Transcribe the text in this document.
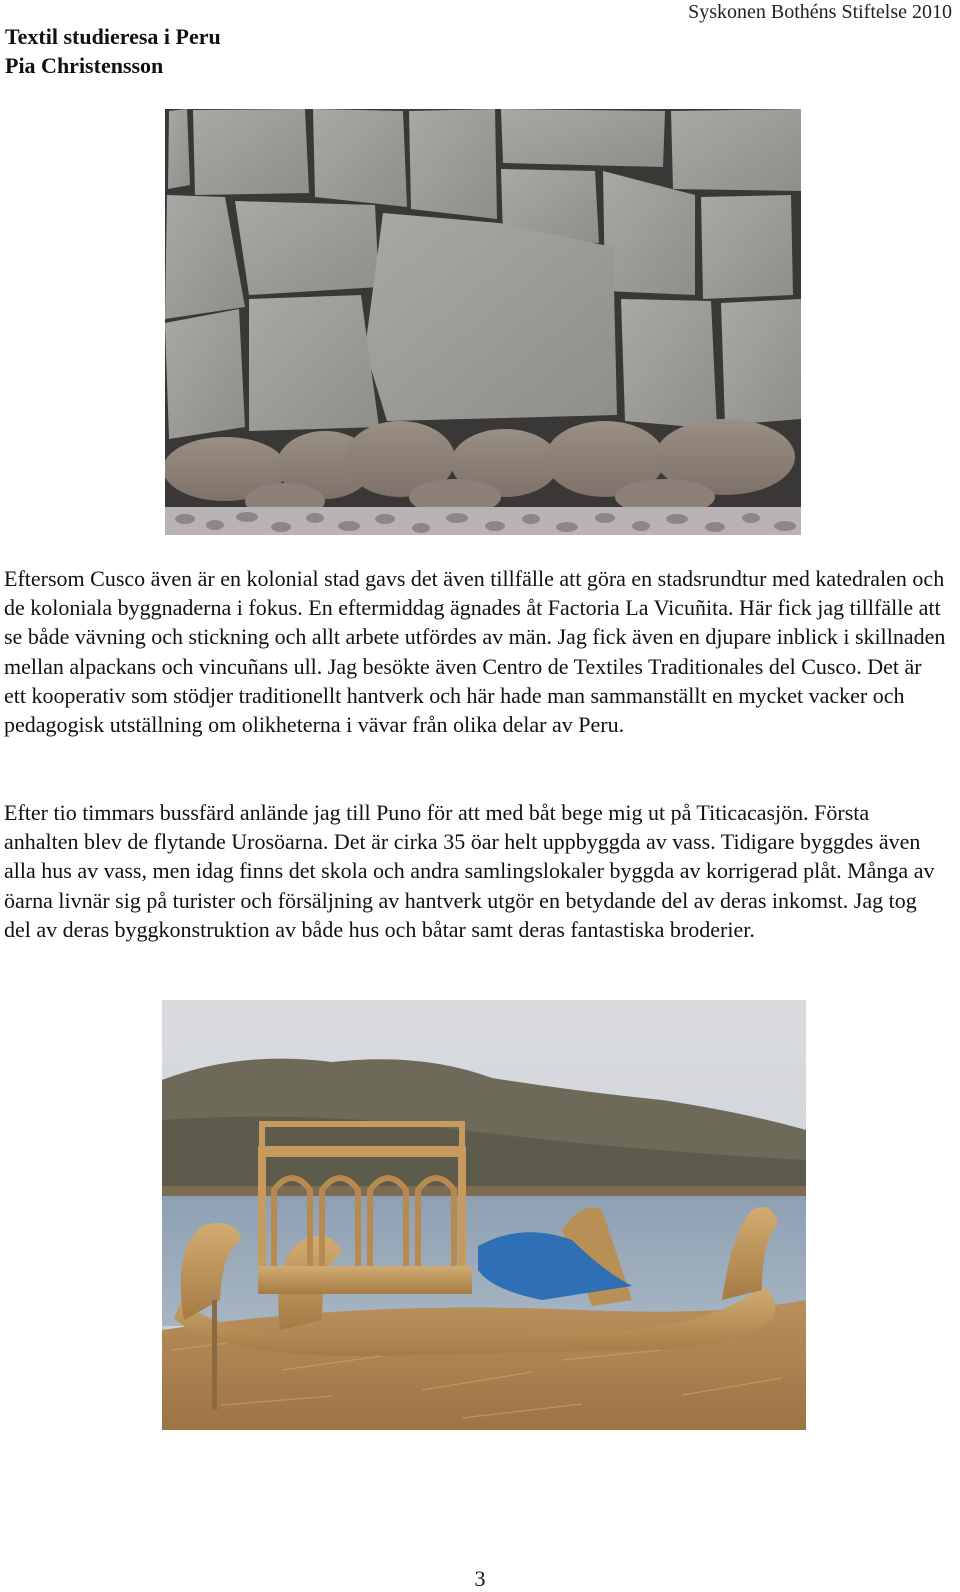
Textil studieresa i Peru
Pia Christensson
Syskonen Bothéns Stiftelse 2010

Eftersom Cusco även är en kolonial stad gavs det även tillfälle att göra en stadsrundtur med katedralen och de koloniala byggnaderna i fokus. En eftermiddag ägnades åt Factoria La Vicuñita. Här fick jag tillfälle att se både vävning och stickning och allt arbete utfördes av män. Jag fick även en djupare inblick i skillnaden mellan alpackans och vincuñans ull. Jag besökte även Centro de Textiles Traditionales del Cusco. Det är ett kooperativ som stödjer traditionellt hantverk och här hade man sammanställt en mycket vacker och pedagogisk utställning om olikheterna i vävar från olika delar av Peru.

Efter tio timmars bussfärd anlände jag till Puno för att med båt bege mig ut på Titicacasjön. Första anhalten blev de flytande Urosöarna. Det är cirka 35 öar helt uppbyggda av vass. Tidigare byggdes även alla hus av vass, men idag finns det skola och andra samlingslokaler byggda av korrigerad plåt. Många av öarna livnär sig på turister och försäljning av hantverk utgör en betydande del av deras inkomst. Jag tog del av deras byggkonstruktion av både hus och båtar samt deras fantastiska broderier.

3
